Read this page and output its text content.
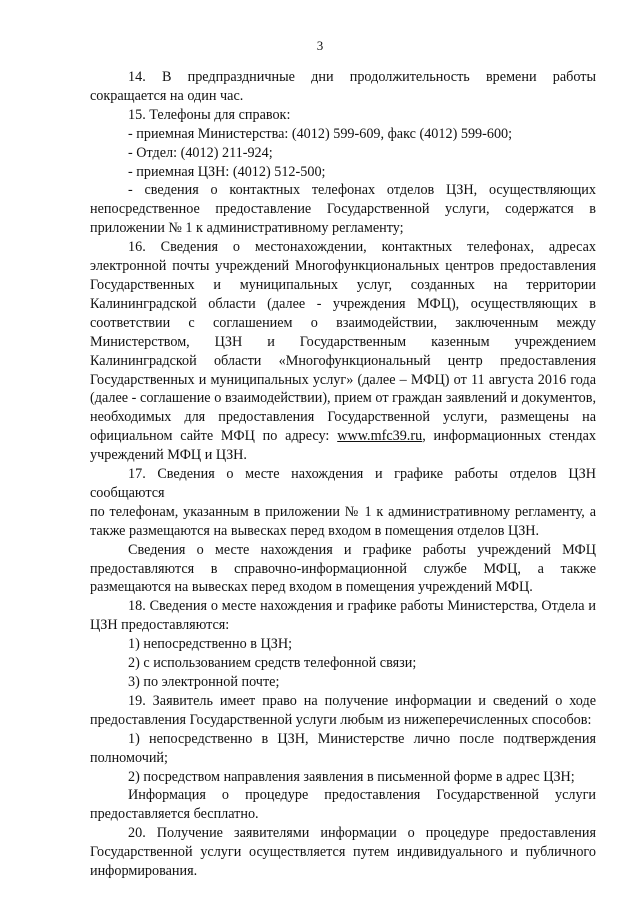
3

14. В предпраздничные дни продолжительность времени работы сокращается на один час.

15. Телефоны для справок:

- приемная Министерства: (4012) 599-609, факс (4012) 599-600;

- Отдел: (4012) 211-924;

- приемная ЦЗН: (4012) 512-500;

- сведения о контактных телефонах отделов ЦЗН, осуществляющих непосредственное предоставление Государственной услуги, содержатся в приложении № 1 к административному регламенту;

16. Сведения о местонахождении, контактных телефонах, адресах электронной почты учреждений Многофункциональных центров предоставления Государственных и муниципальных услуг, созданных на территории Калининградской области (далее - учреждения МФЦ), осуществляющих в соответствии с соглашением о взаимодействии, заключенным между Министерством, ЦЗН и Государственным казенным учреждением Калининградской области «Многофункциональный центр предоставления Государственных и муниципальных услуг» (далее – МФЦ) от 11 августа 2016 года (далее - соглашение о взаимодействии), прием от граждан заявлений и документов, необходимых для предоставления Государственной услуги, размещены на официальном сайте МФЦ по адресу: www.mfc39.ru, информационных стендах учреждений МФЦ и ЦЗН.

17. Сведения о месте нахождения и графике работы отделов ЦЗН сообщаются

по телефонам, указанным в приложении № 1 к административному регламенту, а также размещаются на вывесках перед входом в помещения отделов ЦЗН.

Сведения о месте нахождения и графике работы учреждений МФЦ предоставляются в справочно-информационной службе МФЦ, а также размещаются на вывесках перед входом в помещения учреждений МФЦ.

18. Сведения о месте нахождения и графике работы Министерства, Отдела и ЦЗН предоставляются:

1) непосредственно в ЦЗН;

2) с использованием средств телефонной связи;

3) по электронной почте;

19. Заявитель имеет право на получение информации и сведений о ходе предоставления Государственной услуги любым из нижеперечисленных способов:

1) непосредственно в ЦЗН, Министерстве лично после подтверждения полномочий;

2) посредством направления заявления в письменной форме в адрес ЦЗН;

Информация о процедуре предоставления Государственной услуги предоставляется бесплатно.

20. Получение заявителями информации о процедуре предоставления Государственной услуги осуществляется путем индивидуального и публичного информирования.
